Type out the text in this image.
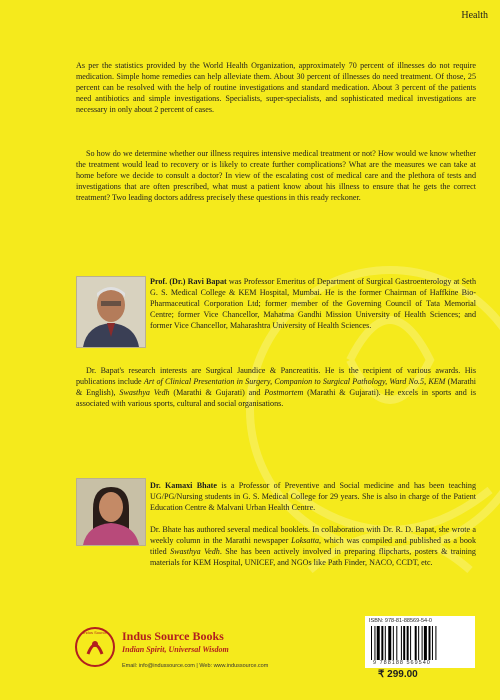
Health

As per the statistics provided by the World Health Organization, approximately 70 percent of illnesses do not require medication. Simple home remedies can help alleviate them. About 30 percent of illnesses do need treatment. Of those, 25 percent can be resolved with the help of routine investigations and standard medication. About 3 percent of the patients need antibiotics and simple investigations. Specialists, super-specialists, and sophisticated medical investigations are necessary in only about 2 percent of cases.

So how do we determine whether our illness requires intensive medical treatment or not? How would we know whether the treatment would lead to recovery or is likely to create further complications? What are the measures we can take at home before we decide to consult a doctor? In view of the escalating cost of medical care and the plethora of tests and investigations that are often prescribed, what must a patient know about his illness to ensure that he gets the correct treatment? Two leading doctors address precisely these questions in this ready reckoner.

Prof. (Dr.) Ravi Bapat was Professor Emeritus of Department of Surgical Gastroenterology at Seth G. S. Medical College & KEM Hospital, Mumbai. He is the former Chairman of Haffkine Bio-Pharmaceutical Corporation Ltd; former member of the Governing Council of Tata Memorial Centre; former Vice Chancellor, Mahatma Gandhi Mission University of Health Sciences; and former Vice Chancellor, Maharashtra University of Health Sciences.

Dr. Bapat's research interests are Surgical Jaundice & Pancreatitis. He is the recipient of various awards. His publications include Art of Clinical Presentation in Surgery, Companion to Surgical Pathology, Ward No.5, KEM (Marathi & English), Swasthya Vedh (Marathi & Gujarati) and Postmortem (Marathi & Gujarati). He excels in sports and is associated with various sports, cultural and social organisations.

Dr. Kamaxi Bhate is a Professor of Preventive and Social medicine and has been teaching UG/PG/Nursing students in G. S. Medical College for 29 years. She is also in charge of the Patient Education Centre & Malvani Urban Health Centre.

Dr. Bhate has authored several medical booklets. In collaboration with Dr. R. D. Bapat, she wrote a weekly column in the Marathi newspaper Loksatta, which was compiled and published as a book titled Swasthya Vedh. She has been actively involved in preparing flipcharts, posters & training materials for KEM Hospital, UNICEF, and NGOs like Path Finder, NACO, CCDT, etc.

Indus Source Indus Source Books
Indian Spirit, Universal Wisdom
Email: info@indussource.com | Web: www.indussource.com
ISBN: 978-81-88569-54-0
9 788188 569540
₹ 299.00
